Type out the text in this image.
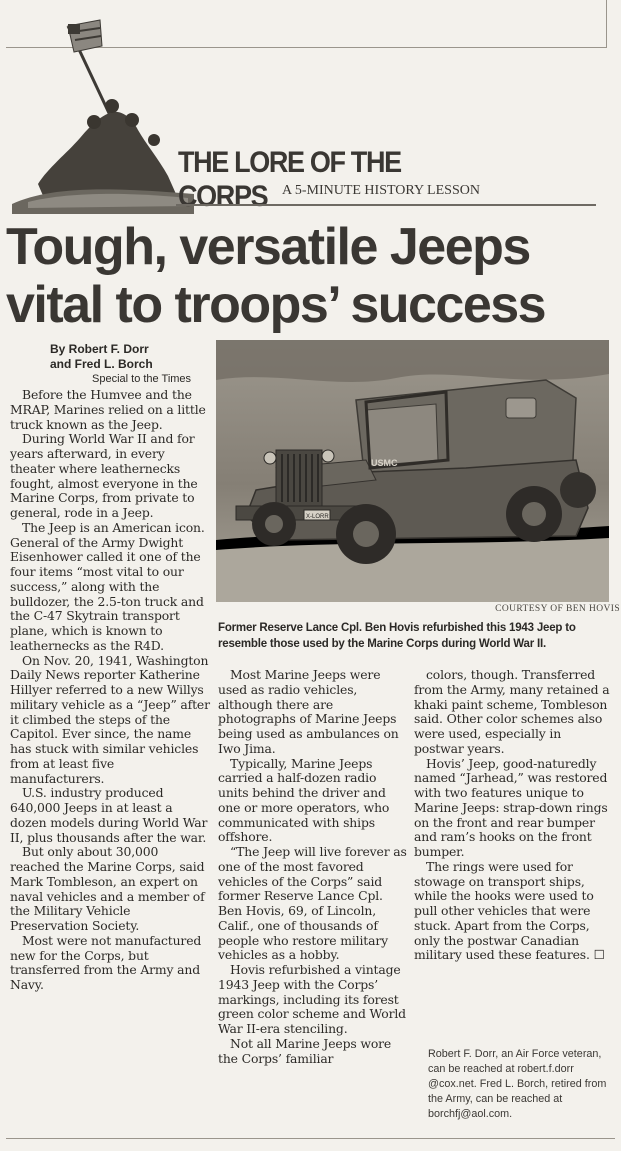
THE LORE OF THE CORPS	A 5-MINUTE HISTORY LESSON
Tough, versatile Jeeps
vital to troops’ success
By Robert F. Dorr
and Fred L. Borch
Special to the Times

Before the Humvee and the MRAP, Marines relied on a little truck known as the Jeep.

During World War II and for years afterward, in every theater where leathernecks fought, almost everyone in the Marine Corps, from private to general, rode in a Jeep.

The Jeep is an American icon. General of the Army Dwight Eisenhower called it one of the four items “most vital to our success,” along with the bulldozer, the 2.5-ton truck and the C-47 Skytrain transport plane, which is known to leathernecks as the R4D.

On Nov. 20, 1941, Washington Daily News reporter Katherine Hillyer referred to a new Willys military vehicle as a “Jeep” after it climbed the steps of the Capitol. Ever since, the name has stuck with similar vehicles from at least five manufacturers.

U.S. industry produced 640,000 Jeeps in at least a dozen models during World War II, plus thousands after the war.

But only about 30,000 reached the Marine Corps, said Mark Tombleson, an expert on naval vehicles and a member of the Military Vehicle Preservation Society.

Most were not manufactured new for the Corps, but transferred from the Army and Navy.

Most Marine Jeeps were used as radio vehicles, although there are photographs of Marine Jeeps being used as ambulances on Iwo Jima.

Typically, Marine Jeeps carried a half-dozen radio units behind the driver and one or more operators, who communicated with ships offshore.

“The Jeep will live forever as one of the most favored vehicles of the Corps” said former Reserve Lance Cpl. Ben Hovis, 69, of Lincoln, Calif., one of thousands of people who restore military vehicles as a hobby.

Hovis refurbished a vintage 1943 Jeep with the Corps’ markings, including its forest green color scheme and World War II-era stenciling.

Not all Marine Jeeps wore the Corps’ familiar

colors, though. Transferred from the Army, many retained a khaki paint scheme, Tombleson said. Other color schemes also were used, especially in postwar years.

Hovis’ Jeep, good-naturedly named “Jarhead,” was restored with two features unique to Marine Jeeps: strap-down rings on the front and rear bumper and ram’s hooks on the front bumper.

The rings were used for stowage on transport ships, while the hooks were used to pull other vehicles that were stuck. Apart from the Corps, only the postwar Canadian military used these features. ☐

USMC
X-LORR
COURTESY OF BEN HOVIS
Former Reserve Lance Cpl. Ben Hovis refurbished this 1943 Jeep to resemble those used by the Marine Corps during World War II.
Robert F. Dorr, an Air Force veteran,
can be reached at robert.f.dorr
@cox.net. Fred L. Borch, retired from
the Army, can be reached at
borchfj@aol.com.
